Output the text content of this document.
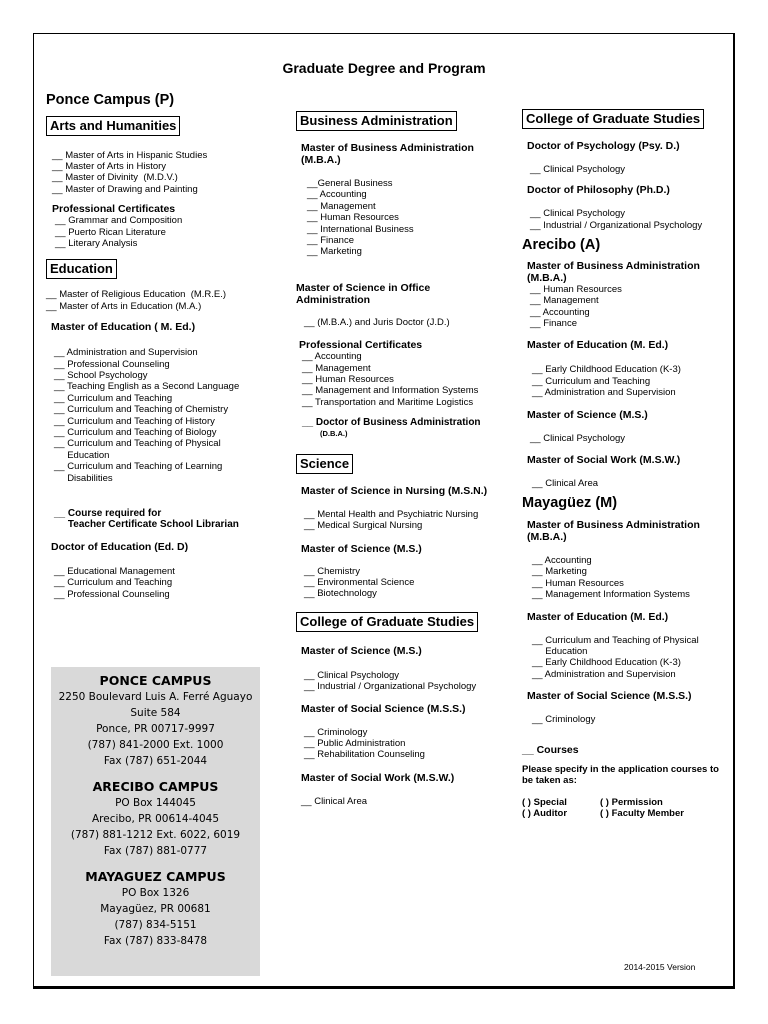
Graduate Degree and Program
Ponce Campus (P)
Arts and Humanities
__ Master of Arts in Hispanic Studies
__ Master of Arts in History
__ Master of Divinity  (M.D.V.)
__ Master of Drawing and Painting
Professional Certificates
__ Grammar and Composition
__ Puerto Rican Literature
__ Literary Analysis
Education
__ Master of Religious Education  (M.R.E.)
__ Master of Arts in Education (M.A.)
Master of Education ( M. Ed.)
__ Administration and Supervision
__ Professional Counseling
__ School Psychology
__ Teaching English as a Second Language
__ Curriculum and Teaching
__ Curriculum and Teaching of Chemistry
__ Curriculum and Teaching of History
__ Curriculum and Teaching of Biology
__ Curriculum and Teaching of Physical
Education
__ Curriculum and Teaching of Learning
Disabilities
__ Course required for
Teacher Certificate School Librarian
Doctor of Education (Ed. D)
__ Educational Management
__ Curriculum and Teaching
__ Professional Counseling
PONCE CAMPUS
2250 Boulevard Luis A. Ferré Aguayo
Suite 584
Ponce, PR 00717-9997
(787) 841-2000 Ext. 1000
Fax (787) 651-2044
ARECIBO CAMPUS
PO Box 144045
Arecibo, PR 00614-4045
(787) 881-1212 Ext. 6022, 6019
Fax (787) 881-0777
MAYAGUEZ CAMPUS
PO Box 1326
Mayagüez, PR 00681
(787) 834-5151
Fax (787) 833-8478
Business Administration
Master of Business Administration (M.B.A.)
__General Business
__ Accounting
__ Management
__ Human Resources
__ International Business
__ Finance
__ Marketing
Master of Science in Office Administration
__ (M.B.A.) and Juris Doctor (J.D.)
Professional Certificates
__ Accounting
__ Management
__ Human Resources
__ Management and Information Systems
__ Transportation and Maritime Logistics
__ Doctor of Business Administration
(D.B.A.)
Science
Master of Science in Nursing (M.S.N.)
__ Mental Health and Psychiatric Nursing
__ Medical Surgical Nursing
Master of Science (M.S.)
__ Chemistry
__ Environmental Science
__ Biotechnology
College of Graduate Studies
Master of Science (M.S.)
__ Clinical Psychology
__ Industrial / Organizational Psychology
Master of Social Science (M.S.S.)
__ Criminology
__ Public Administration
__ Rehabilitation Counseling
Master of Social Work (M.S.W.)
__ Clinical Area
College of Graduate Studies
Doctor of Psychology (Psy. D.)
__ Clinical Psychology
Doctor of Philosophy (Ph.D.)
__ Clinical Psychology
__ Industrial / Organizational Psychology
Arecibo (A)
Master of Business Administration (M.B.A.)
__ Human Resources
__ Management
__ Accounting
__ Finance
Master of Education (M. Ed.)
__ Early Childhood Education (K-3)
__ Curriculum and Teaching
__ Administration and Supervision
Master of Science (M.S.)
__ Clinical Psychology
Master of Social Work (M.S.W.)
__ Clinical Area
Mayagüez (M)
Master of Business Administration (M.B.A.)
__ Accounting
__ Marketing
__ Human Resources
__ Management Information Systems
Master of Education (M. Ed.)
__ Curriculum and Teaching of Physical
Education
__ Early Childhood Education (K-3)
__ Administration and Supervision
Master of Social Science (M.S.S.)
__ Criminology
__ Courses
Please specify in the application courses to be taken as:
( ) Special	( ) Permission
( ) Auditor	( ) Faculty Member
2014-2015 Version
